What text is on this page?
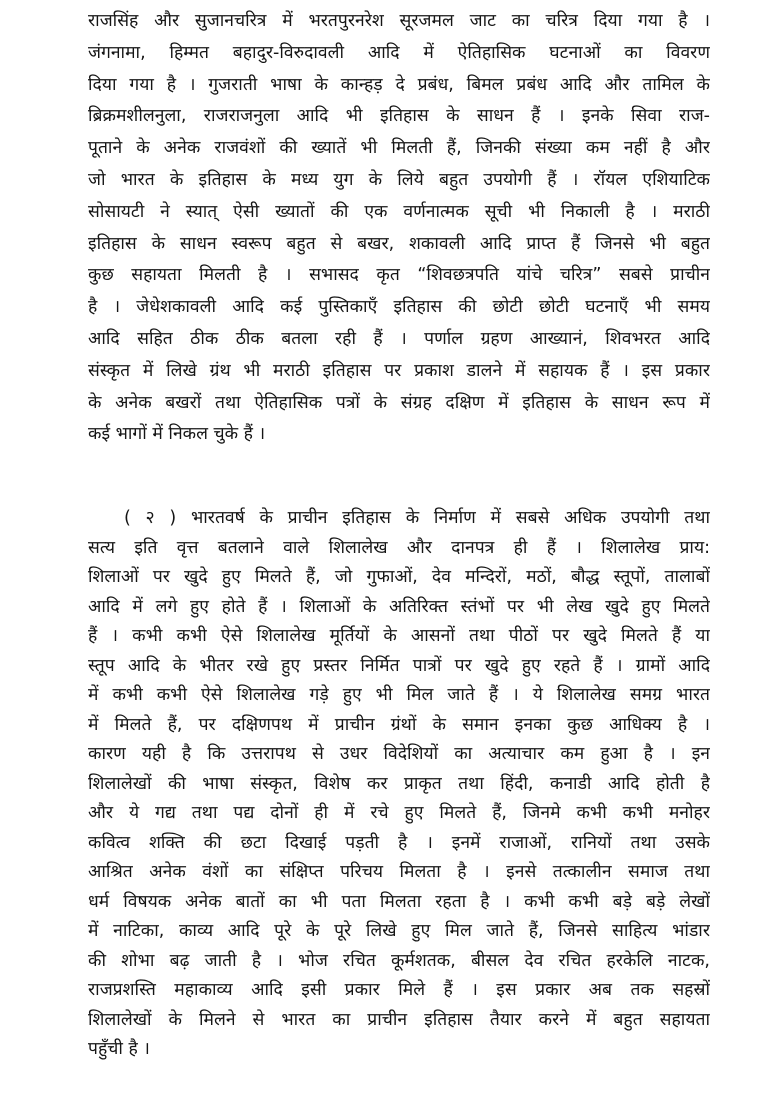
राजसिंह और सुजानचरित्र में भरतपुरनरेश सूरजमल जाट का चरित्र दिया गया है ।
जंगनामा, हिम्मत बहादुर-विरुदावली आदि में ऐतिहासिक घटनाओं का विवरण
दिया गया है । गुजराती भाषा के कान्हड़ दे प्रबंध, बिमल प्रबंध आदि और तामिल के
ब्रिक्रमशीलनुला, राजराजनुला आदि भी इतिहास के साधन हैं । इनके सिवा राज-
पूताने के अनेक राजवंशों की ख्यातें भी मिलती हैं, जिनकी संख्या कम नहीं है और
जो भारत के इतिहास के मध्य युग के लिये बहुत उपयोगी हैं । रॉयल एशियाटिक
सोसायटी ने स्यात् ऐसी ख्यातों की एक वर्णनात्मक सूची भी निकाली है । मराठी
इतिहास के साधन स्वरूप बहुत से बखर, शकावली आदि प्राप्त हैं जिनसे भी बहुत
कुछ सहायता मिलती है । सभासद कृत “शिवछत्रपति यांचे चरित्र” सबसे प्राचीन
है । जेधेशकावली आदि कई पुस्तिकाएँ इतिहास की छोटी छोटी घटनाएँ भी समय
आदि सहित ठीक ठीक बतला रही हैं । पर्णाल ग्रहण आख्यानं, शिवभरत आदि
संस्कृत में लिखे ग्रंथ भी मराठी इतिहास पर प्रकाश डालने में सहायक हैं । इस प्रकार
के अनेक बखरों तथा ऐतिहासिक पत्रों के संग्रह दक्षिण में इतिहास के साधन रूप में
कई भागों में निकल चुके हैं ।
( २ ) भारतवर्ष के प्राचीन इतिहास के निर्माण में सबसे अधिक उपयोगी तथा
सत्य इति वृत्त बतलाने वाले शिलालेख और दानपत्र ही हैं । शिलालेख प्राय:
शिलाओं पर खुदे हुए मिलते हैं, जो गुफाओं, देव मन्दिरों, मठों, बौद्ध स्तूपों, तालाबों
आदि में लगे हुए होते हैं । शिलाओं के अतिरिक्त स्तंभों पर भी लेख खुदे हुए मिलते
हैं । कभी कभी ऐसे शिलालेख मूर्तियों के आसनों तथा पीठों पर खुदे मिलते हैं या
स्तूप आदि के भीतर रखे हुए प्रस्तर निर्मित पात्रों पर खुदे हुए रहते हैं । ग्रामों आदि
में कभी कभी ऐसे शिलालेख गड़े हुए भी मिल जाते हैं । ये शिलालेख समग्र भारत
में मिलते हैं, पर दक्षिणपथ में प्राचीन ग्रंथों के समान इनका कुछ आधिक्य है ।
कारण यही है कि उत्तरापथ से उधर विदेशियों का अत्याचार कम हुआ है । इन
शिलालेखों की भाषा संस्कृत, विशेष कर प्राकृत तथा हिंदी, कनाडी आदि होती है
और ये गद्य तथा पद्य दोनों ही में रचे हुए मिलते हैं, जिनमे कभी कभी मनोहर
कवित्व शक्ति की छटा दिखाई पड़ती है । इनमें राजाओं, रानियों तथा उसके
आश्रित अनेक वंशों का संक्षिप्त परिचय मिलता है । इनसे तत्कालीन समाज तथा
धर्म विषयक अनेक बातों का भी पता मिलता रहता है । कभी कभी बड़े बड़े लेखों
में नाटिका, काव्य आदि पूरे के पूरे लिखे हुए मिल जाते हैं, जिनसे साहित्य भांडार
की शोभा बढ़ जाती है । भोज रचित कूर्मशतक, बीसल देव रचित हरकेलि नाटक,
राजप्रशस्ति महाकाव्य आदि इसी प्रकार मिले हैं । इस प्रकार अब तक सहस्रों
शिलालेखों के मिलने से भारत का प्राचीन इतिहास तैयार करने में बहुत सहायता
पहुँची है ।
